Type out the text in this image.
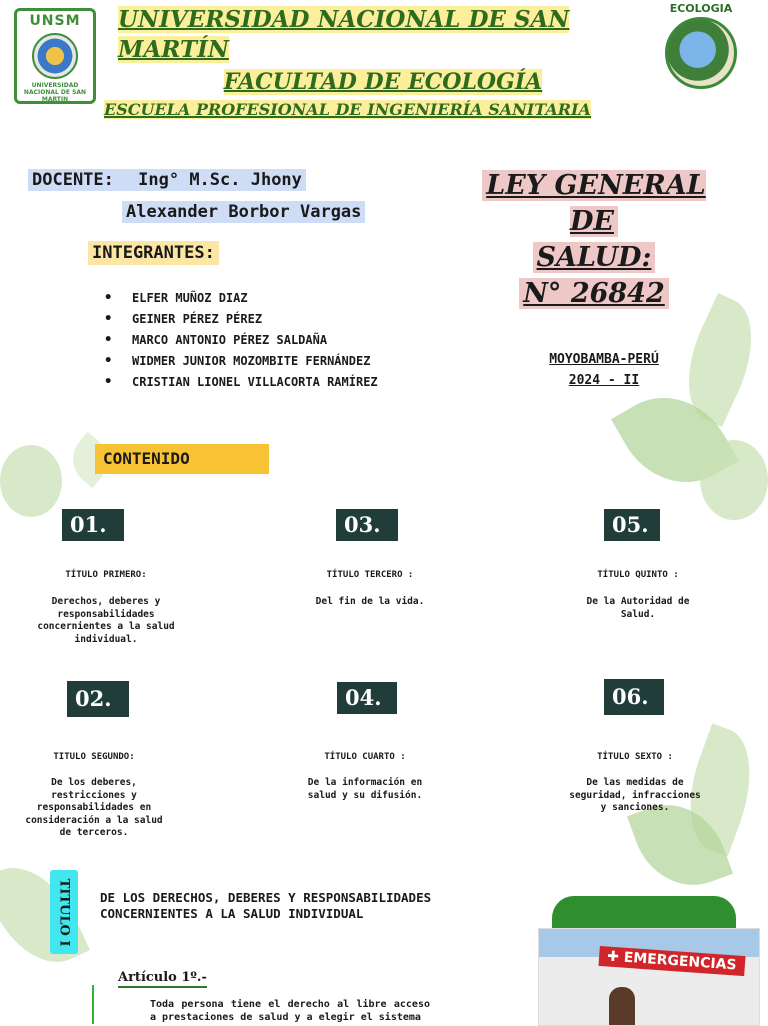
UNSM
UNIVERSIDAD NACIONAL DE SAN MARTIN
UNIVERSIDAD NACIONAL DE SAN MARTÍN
FACULTAD DE ECOLOGÍA
ESCUELA PROFESIONAL DE INGENIERÍA SANITARIA
ECOLOGIA
DOCENTE: Ing° M.Sc. Jhony
Alexander Borbor Vargas
LEY GENERAL DE
SALUD:
N° 26842
INTEGRANTES:
• ELFER MUÑOZ DIAZ
• GEINER PÉREZ PÉREZ
• MARCO ANTONIO PÉREZ SALDAÑA
• WIDMER JUNIOR MOZOMBITE FERNÁNDEZ
• CRISTIAN LIONEL VILLACORTA RAMÍREZ
MOYOBAMBA-PERÚ
2024 - II
CONTENIDO
01.
TÍTULO PRIMERO:
Derechos, deberes y responsabilidades concernientes a la salud individual.
03.
TÍTULO TERCERO :
Del fin de la vida.
05.
TÍTULO QUINTO :
De la Autoridad de Salud.
02.
TITULO SEGUNDO:
De los deberes, restricciones y responsabilidades en consideración a la salud de terceros.
04.
TÍTULO CUARTO :
De la información en salud y su difusión.
06.
TÍTULO SEXTO :
De las medidas de seguridad, infracciones y sanciones.
TITULO I DE LOS DERECHOS, DEBERES Y RESPONSABILIDADES CONCERNIENTES A LA SALUD INDIVIDUAL
Artículo 1º.-
Toda persona tiene el derecho al libre acceso a prestaciones de salud y a elegir el sistema
✚ EMERGENCIAS
